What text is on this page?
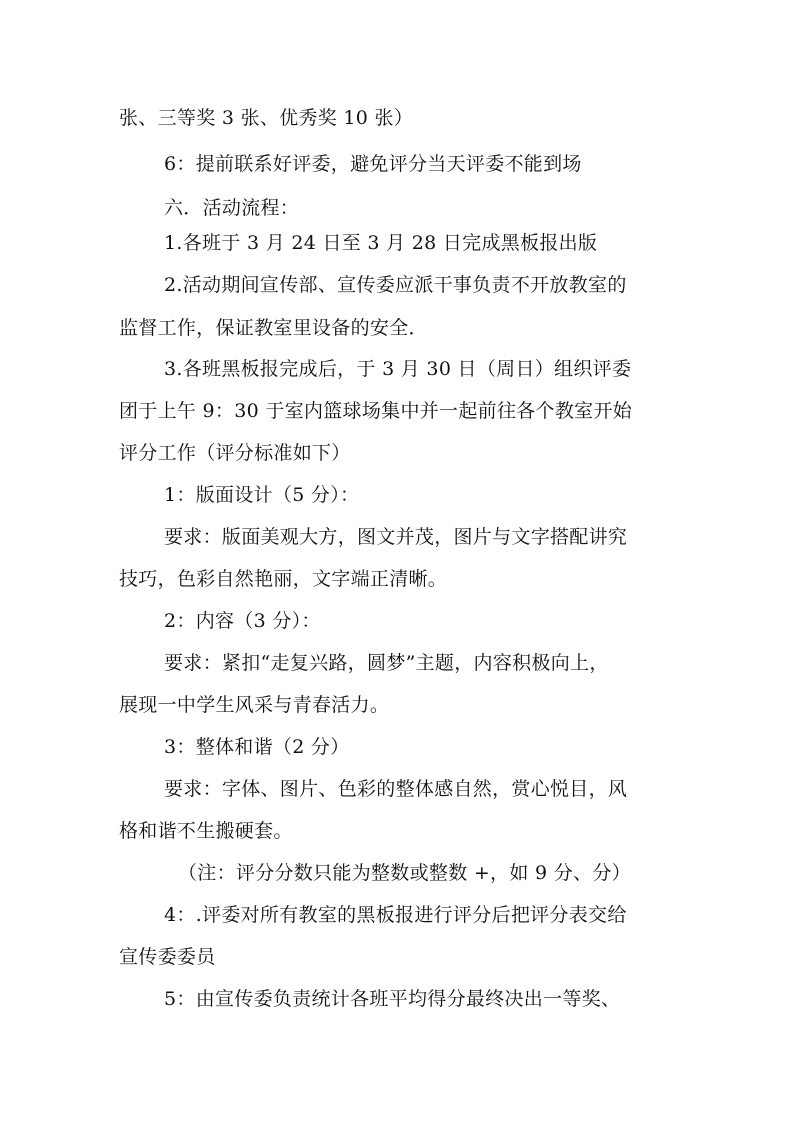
张、三等奖 3 张、优秀奖 10 张）
6：提前联系好评委，避免评分当天评委不能到场
六．活动流程：
1.各班于 3 月 24 日至 3 月 28 日完成黑板报出版
2.活动期间宣传部、宣传委应派干事负责不开放教室的
监督工作，保证教室里设备的安全．
3.各班黑板报完成后，于 3 月 30 日（周日）组织评委
团于上午 9：30 于室内篮球场集中并一起前往各个教室开始
评分工作（评分标准如下）
1：版面设计（5 分）：
要求：版面美观大方，图文并茂，图片与文字搭配讲究
技巧，色彩自然艳丽，文字端正清晰。
2：内容（3 分）：
要求：紧扣“走复兴路，圆梦”主题，内容积极向上，
展现一中学生风采与青春活力。
3：整体和谐（2 分）
要求：字体、图片、色彩的整体感自然，赏心悦目，风
格和谐不生搬硬套。
（注：评分分数只能为整数或整数 +，如 9 分、分）
4：.评委对所有教室的黑板报进行评分后把评分表交给
宣传委委员
5：由宣传委负责统计各班平均得分最终决出一等奖、
